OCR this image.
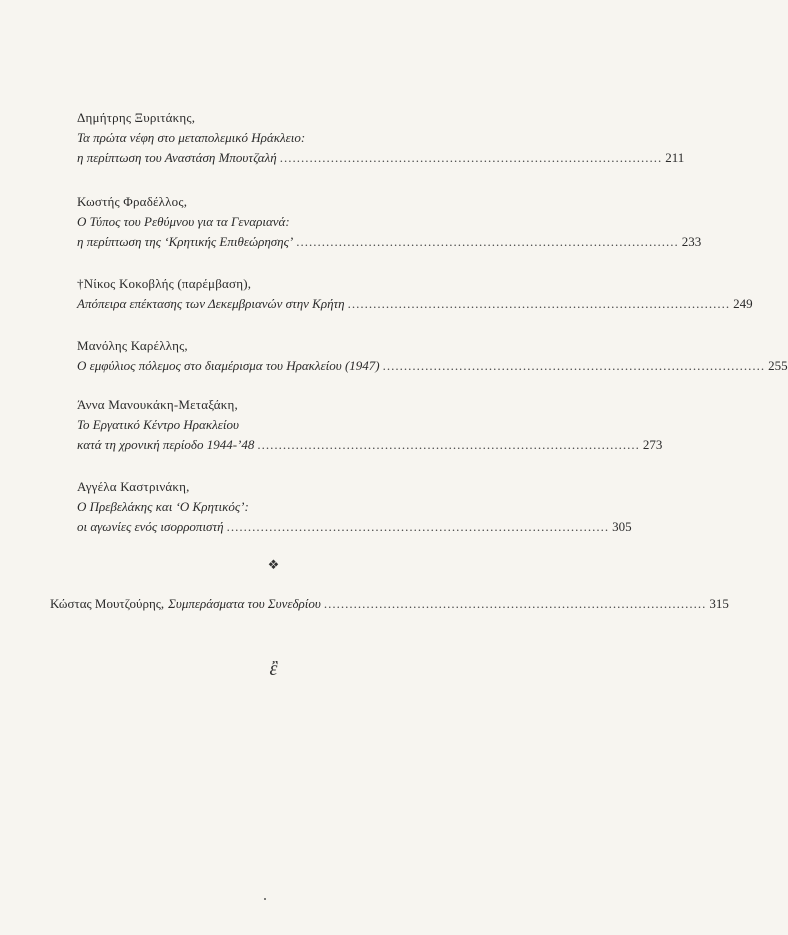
Δημήτρης Ξυριτάκης,
Τα πρώτα νέφη στο μεταπολεμικό Ηράκλειο:
η περίπτωση του Αναστάση Μπουτζαλή .......................................................................................... 211
Κωστής Φραδέλλος,
Ο Τύπος του Ρεθύμνου για τα Γεναριανά:
η περίπτωση της ‘Κρητικής Επιθεώρησης’ .......................................................................................... 233
†Νίκος Κοκοβλής (παρέμβαση),
Απόπειρα επέκτασης των Δεκεμβριανών στην Κρήτη .......................................................................................... 249
Μανόλης Καρέλλης,
Ο εμφύλιος πόλεμος στο διαμέρισμα του Ηρακλείου (1947) .......................................................................................... 255
Άννα Μανουκάκη-Μεταξάκη,
Το Εργατικό Κέντρο Ηρακλείου
κατά τη χρονική περίοδο 1944-’48 .......................................................................................... 273
Αγγέλα Καστρινάκη,
Ο Πρεβελάκης και ‘Ο Κρητικός’:
οι αγωνίες ενός ισορροπιστή .......................................................................................... 305
❖
Κώστας Μουτζούρης, Συμπεράσματα του Συνεδρίου .......................................................................................... 315
ἒ
